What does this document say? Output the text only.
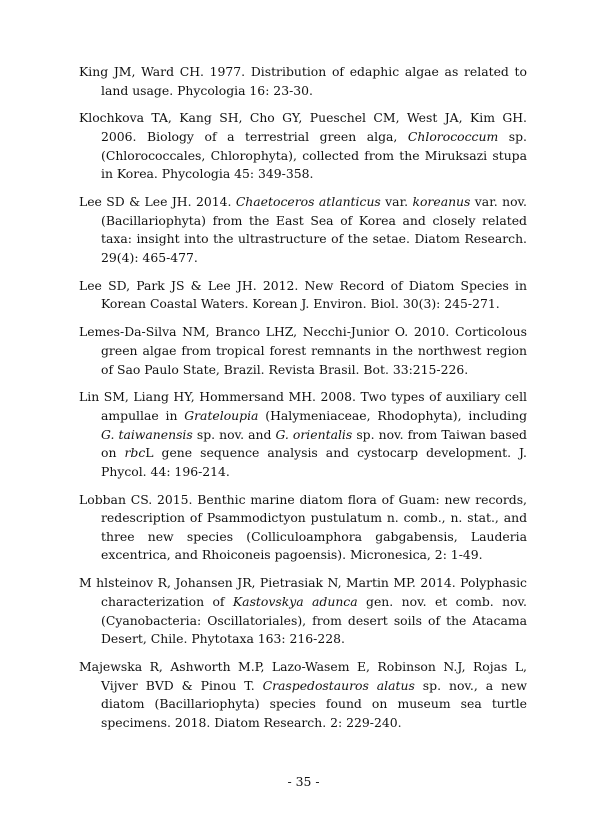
King JM, Ward CH. 1977. Distribution of edaphic algae as related to land usage. Phycologia 16: 23-30.
Klochkova TA, Kang SH, Cho GY, Pueschel CM, West JA, Kim GH. 2006. Biology of a terrestrial green alga, Chlorococcum sp. (Chlorococcales, Chlorophyta), collected from the Miruksazi stupa in Korea. Phycologia 45: 349-358.
Lee SD & Lee JH. 2014. Chaetoceros atlanticus var. koreanus var. nov. (Bacillariophyta) from the East Sea of Korea and closely related taxa: insight into the ultrastructure of the setae. Diatom Research. 29(4): 465-477.
Lee SD, Park JS & Lee JH. 2012. New Record of Diatom Species in Korean Coastal Waters. Korean J. Environ. Biol. 30(3): 245-271.
Lemes-Da-Silva NM, Branco LHZ, Necchi-Junior O. 2010. Corticolous green algae from tropical forest remnants in the northwest region of Sao Paulo State, Brazil. Revista Brasil. Bot. 33:215-226.
Lin SM, Liang HY, Hommersand MH. 2008. Two types of auxiliary cell ampullae in Grateloupia (Halymeniaceae, Rhodophyta), including G. taiwanensis sp. nov. and G. orientalis sp. nov. from Taiwan based on rbcL gene sequence analysis and cystocarp development. J. Phycol. 44: 196-214.
Lobban CS. 2015. Benthic marine diatom flora of Guam: new records, redescription of Psammodictyon pustulatum n. comb., n. stat., and three new species (Colliculoamphora gabgabensis, Lauderia excentrica, and Rhoiconeis pagoensis). Micronesica, 2: 1-49.
M hlsteinov R, Johansen JR, Pietrasiak N, Martin MP. 2014. Polyphasic characterization of Kastovskya adunca gen. nov. et comb. nov. (Cyanobacteria: Oscillatoriales), from desert soils of the Atacama Desert, Chile. Phytotaxa 163: 216-228.
Majewska R, Ashworth M.P, Lazo-Wasem E, Robinson N.J, Rojas L, Vijver BVD & Pinou T. Craspedostauros alatus sp. nov., a new diatom (Bacillariophyta) species found on museum sea turtle specimens. 2018. Diatom Research. 2: 229-240.
- 35 -
